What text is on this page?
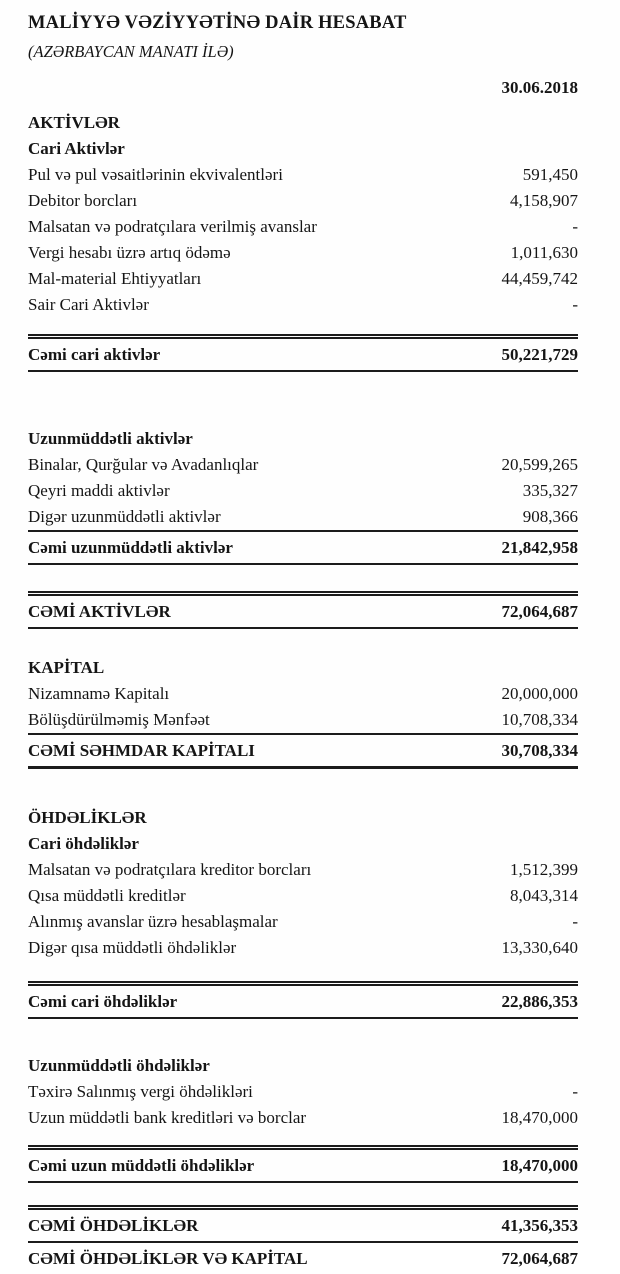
MALİYYƏ VƏZİYYƏTİNƏ DAİR HESABAT
(AZƏRBAYCAN MANATI İLƏ)
30.06.2018
AKTİVLƏR
Cari Aktivlər
Pul və pul vəsaitlərinin ekvivalentləri	591,450
Debitor borcları	4,158,907
Malsatan və podratçılara verilmiş avanslar	-
Vergi hesabı üzrə artıq ödəmə	1,011,630
Mal-material Ehtiyyatları	44,459,742
Sair Cari Aktivlər	-
Cəmi cari aktivlər	50,221,729
Uzunmüddətli aktivlər
Binalar, Qurğular və Avadanlıqlar	20,599,265
Qeyri maddi aktivlər	335,327
Digər uzunmüddətli aktivlər	908,366
Cəmi uzunmüddətli aktivlər	21,842,958
CƏMİ AKTİVLƏR	72,064,687
KAPİTAL
Nizamnamə Kapitalı	20,000,000
Bölüşdürülməmiş Mənfəət	10,708,334
CƏMİ SƏHMDAR KAPİTALI	30,708,334
ÖHDƏLİKLƏR
Cari öhdəliklər
Malsatan və podratçılara kreditor borcları	1,512,399
Qısa müddətli kreditlər	8,043,314
Alınmış avanslar üzrə hesablaşmalar	-
Digər qısa müddətli öhdəliklər	13,330,640
Cəmi cari öhdəliklər	22,886,353
Uzunmüddətli öhdəliklər
Təxirə Salınmış vergi öhdəlikləri	-
Uzun müddətli bank kreditləri və borclar	18,470,000
Cəmi uzun müddətli öhdəliklər	18,470,000
CƏMİ ÖHDƏLİKLƏR	41,356,353
CƏMİ ÖHDƏLİKLƏR VƏ KAPİTAL	72,064,687
